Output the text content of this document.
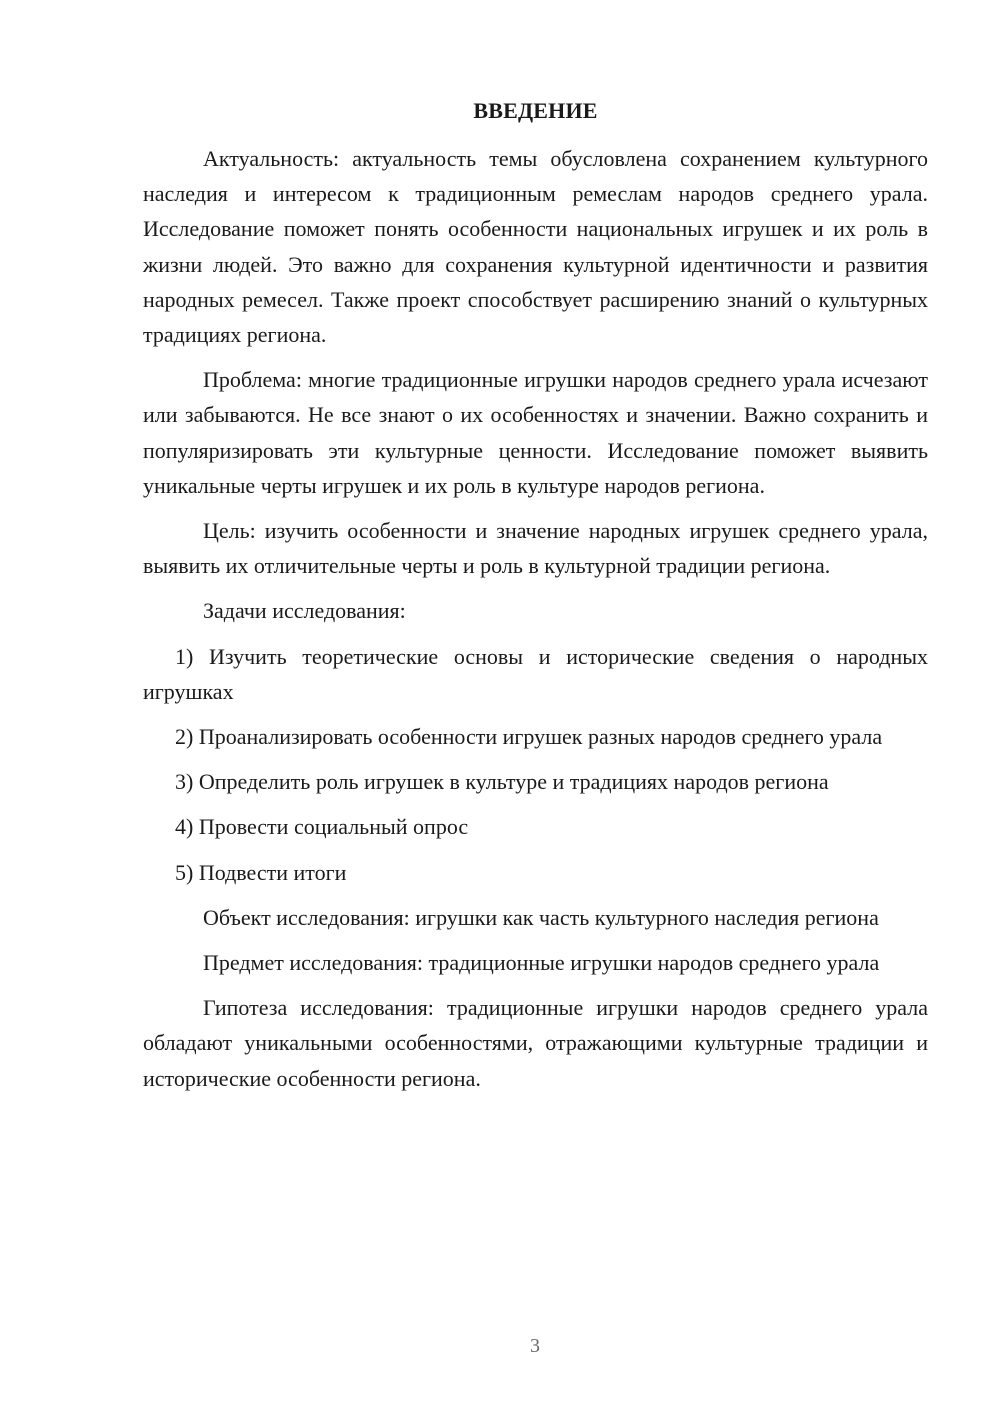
ВВЕДЕНИЕ

Актуальность: актуальность темы обусловлена сохранением культурного наследия и интересом к традиционным ремеслам народов среднего урала. Исследование поможет понять особенности национальных игрушек и их роль в жизни людей. Это важно для сохранения культурной идентичности и развития народных ремесел. Также проект способствует расширению знаний о культурных традициях региона.

Проблема: многие традиционные игрушки народов среднего урала исчезают или забываются. Не все знают о их особенностях и значении. Важно сохранить и популяризировать эти культурные ценности. Исследование поможет выявить уникальные черты игрушек и их роль в культуре народов региона.

Цель: изучить особенности и значение народных игрушек среднего урала, выявить их отличительные черты и роль в культурной традиции региона.

Задачи исследования:

1) Изучить теоретические основы и исторические сведения о народных игрушках

2) Проанализировать особенности игрушек разных народов среднего урала

3) Определить роль игрушек в культуре и традициях народов региона

4) Провести социальный опрос

5) Подвести итоги

Объект исследования: игрушки как часть культурного наследия региона

Предмет исследования: традиционные игрушки народов среднего урала

Гипотеза исследования: традиционные игрушки народов среднего урала обладают уникальными особенностями, отражающими культурные традиции и исторические особенности региона.

3
